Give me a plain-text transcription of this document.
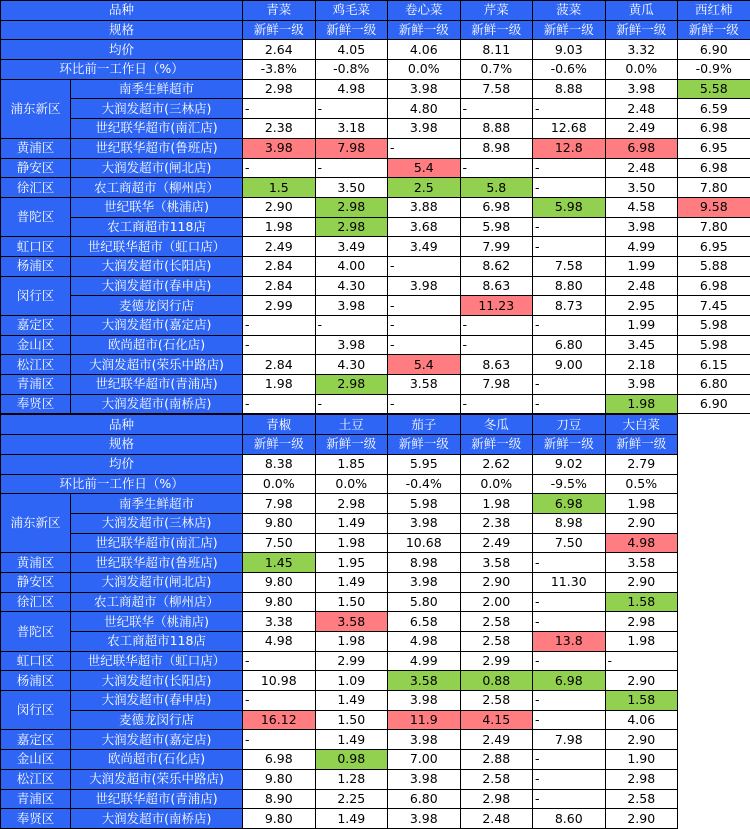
品种		青菜	鸡毛菜	卷心菜	芹菜	菠菜	黄瓜	西红柿
规格		新鲜一级	新鲜一级	新鲜一级	新鲜一级	新鲜一级	新鲜一级	新鲜一级
均价		2.64	4.05	4.06	8.11	9.03	3.32	6.90
环比前一工作日（%）		-3.8%	-0.8%	0.0%	0.7%	-0.6%	0.0%	-0.9%
浦东新区	南季生鲜超市	2.98	4.98	3.98	7.58	8.88	3.98	5.58
	大润发超市(三林店)	-	-	4.80	-	-	2.48	6.59
	世纪联华超市(南汇店)	2.38	3.18	3.98	8.88	12.68	2.49	6.98
黄浦区	世纪联华超市(鲁班店)	3.98	7.98	-	8.98	12.8	6.98	6.95
静安区	大润发超市(闸北店)	-	-	5.4	-	-	2.48	6.98
徐汇区	农工商超市（柳州店）	1.5	3.50	2.5	5.8	-	3.50	7.80
普陀区	世纪联华（桃浦店)	2.90	2.98	3.88	6.98	5.98	4.58	9.58
	农工商超市118店	1.98	2.98	3.68	5.98	-	3.98	7.80
虹口区	世纪联华超市（虹口店）	2.49	3.49	3.49	7.99	-	4.99	6.95
杨浦区	大润发超市(长阳店)	2.84	4.00	-	8.62	7.58	1.99	5.88
闵行区	大润发超市(春申店)	2.84	4.30	3.98	8.63	8.80	2.48	6.98
	麦德龙闵行店	2.99	3.98	-	11.23	8.73	2.95	7.45
嘉定区	大润发超市(嘉定店)	-	-	-	-	-	1.99	5.98
金山区	欧尚超市(石化店)	-	3.98	-	-	6.80	3.45	5.98
松江区	大润发超市(荣乐中路店)	2.84	4.30	5.4	8.63	9.00	2.18	6.15
青浦区	世纪联华超市(青浦店)	1.98	2.98	3.58	7.98	-	3.98	6.80
奉贤区	大润发超市(南桥店)	-	-	-	-	-	1.98	6.90
品种		青椒	土豆	茄子	冬瓜	刀豆	大白菜
规格		新鲜一级	新鲜一级	新鲜一级	新鲜一级	新鲜一级	新鲜一级
均价		8.38	1.85	5.95	2.62	9.02	2.79
环比前一工作日（%）		0.0%	0.0%	-0.4%	0.0%	-9.5%	0.5%
浦东新区	南季生鲜超市	7.98	2.98	5.98	1.98	6.98	1.98
	大润发超市(三林店)	9.80	1.49	3.98	2.38	8.98	2.90
	世纪联华超市(南汇店)	7.50	1.98	10.68	2.49	7.50	4.98
黄浦区	世纪联华超市(鲁班店)	1.45	1.95	8.98	3.58	-	3.58
静安区	大润发超市(闸北店)	9.80	1.49	3.98	2.90	11.30	2.90
徐汇区	农工商超市（柳州店）	9.80	1.50	5.80	2.00	-	1.58
普陀区	世纪联华（桃浦店)	3.38	3.58	6.58	2.58	-	2.98
	农工商超市118店	4.98	1.98	4.98	2.58	13.8	1.98
虹口区	世纪联华超市（虹口店）	-	2.99	4.99	2.99	-	-
杨浦区	大润发超市(长阳店)	10.98	1.09	3.58	0.88	6.98	2.90
闵行区	大润发超市(春申店)	-	1.49	3.98	2.58	-	1.58
	麦德龙闵行店	16.12	1.50	11.9	4.15	-	4.06
嘉定区	大润发超市(嘉定店)	-	1.49	3.98	2.49	7.98	2.90
金山区	欧尚超市(石化店)	6.98	0.98	7.00	2.88	-	1.90
松江区	大润发超市(荣乐中路店)	9.80	1.28	3.98	2.58	-	2.98
青浦区	世纪联华超市(青浦店)	8.90	2.25	6.80	2.98	-	2.58
奉贤区	大润发超市(南桥店)	9.80	1.49	3.98	2.48	8.60	2.90
